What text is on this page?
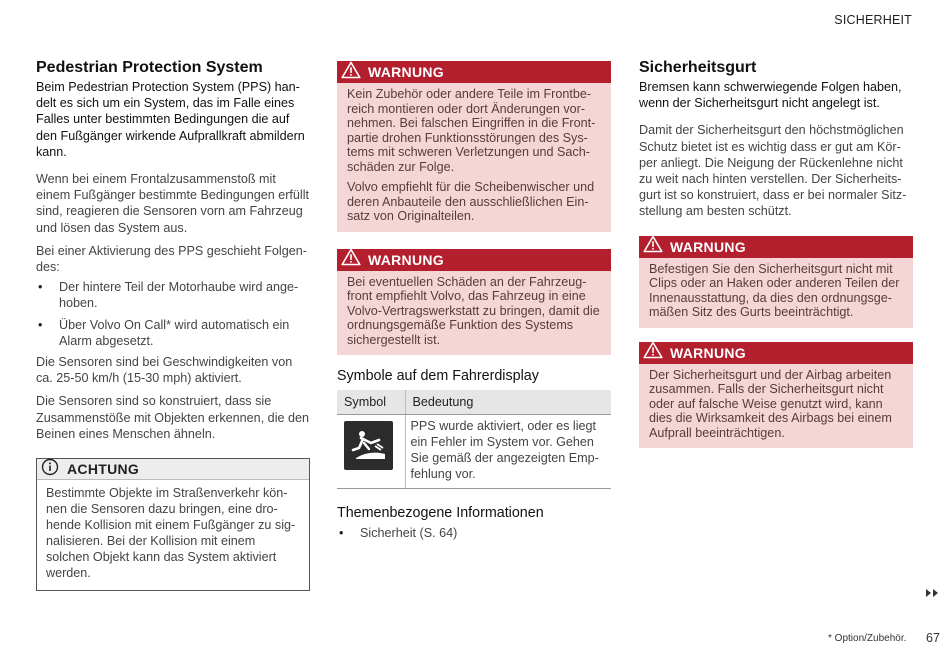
SICHERHEIT
Pedestrian Protection System

Beim Pedestrian Protection System (PPS) han-delt es sich um ein System, das im Falle eines Falles unter bestimmten Bedingungen die auf den Fußgänger wirkende Aufprallkraft abmildern kann.

Wenn bei einem Frontalzusammenstoß mit einem Fußgänger bestimmte Bedingungen erfüllt sind, reagieren die Sensoren vorn am Fahrzeug und lösen das System aus.

Bei einer Aktivierung des PPS geschieht Folgen-des:

• Der hintere Teil der Motorhaube wird ange-hoben.
• Über Volvo On Call* wird automatisch ein Alarm abgesetzt.

Die Sensoren sind bei Geschwindigkeiten von ca. 25-50 km/h (15-30 mph) aktiviert.

Die Sensoren sind so konstruiert, dass sie Zusammenstöße mit Objekten erkennen, die den Beinen eines Menschen ähneln.

ACHTUNG

Bestimmte Objekte im Straßenverkehr kön-nen die Sensoren dazu bringen, eine dro-hende Kollision mit einem Fußgänger zu sig-nalisieren. Bei der Kollision mit einem solchen Objekt kann das System aktiviert werden.

WARNUNG

Kein Zubehör oder andere Teile im Frontbe-reich montieren oder dort Änderungen vor-nehmen. Bei falschen Eingriffen in die Front-partie drohen Funktionsstörungen des Sys-tems mit schweren Verletzungen und Sach-schäden zur Folge.

Volvo empfiehlt für die Scheibenwischer und deren Anbauteile den ausschließlichen Ein-satz von Originalteilen.

WARNUNG

Bei eventuellen Schäden an der Fahrzeug-front empfiehlt Volvo, das Fahrzeug in eine Volvo-Vertragswerkstatt zu bringen, damit die ordnungsgemäße Funktion des Systems sichergestellt ist.

Symbole auf dem Fahrerdisplay
Symbol	Bedeutung

	PPS wurde aktiviert, oder es liegt ein Fehler im System vor. Gehen Sie gemäß der angezeigten Emp-fehlung vor.
Themenbezogene Informationen
• Sicherheit (S. 64)
Sicherheitsgurt

Bremsen kann schwerwiegende Folgen haben, wenn der Sicherheitsgurt nicht angelegt ist.

Damit der Sicherheitsgurt den höchstmöglichen Schutz bietet ist es wichtig dass er gut am Kör-per anliegt. Die Neigung der Rückenlehne nicht zu weit nach hinten verstellen. Der Sicherheits-gurt ist so konstruiert, dass er bei normaler Sitz-stellung am besten schützt.

WARNUNG

Befestigen Sie den Sicherheitsgurt nicht mit Clips oder an Haken oder anderen Teilen der Innenausstattung, da dies den ordnungsge-mäßen Sitz des Gurts beeinträchtigt.

WARNUNG

Der Sicherheitsgurt und der Airbag arbeiten zusammen. Falls der Sicherheitsgurt nicht oder auf falsche Weise genutzt wird, kann dies die Wirksamkeit des Airbags bei einem Aufprall beeinträchtigen.

* Option/Zubehör. 67
